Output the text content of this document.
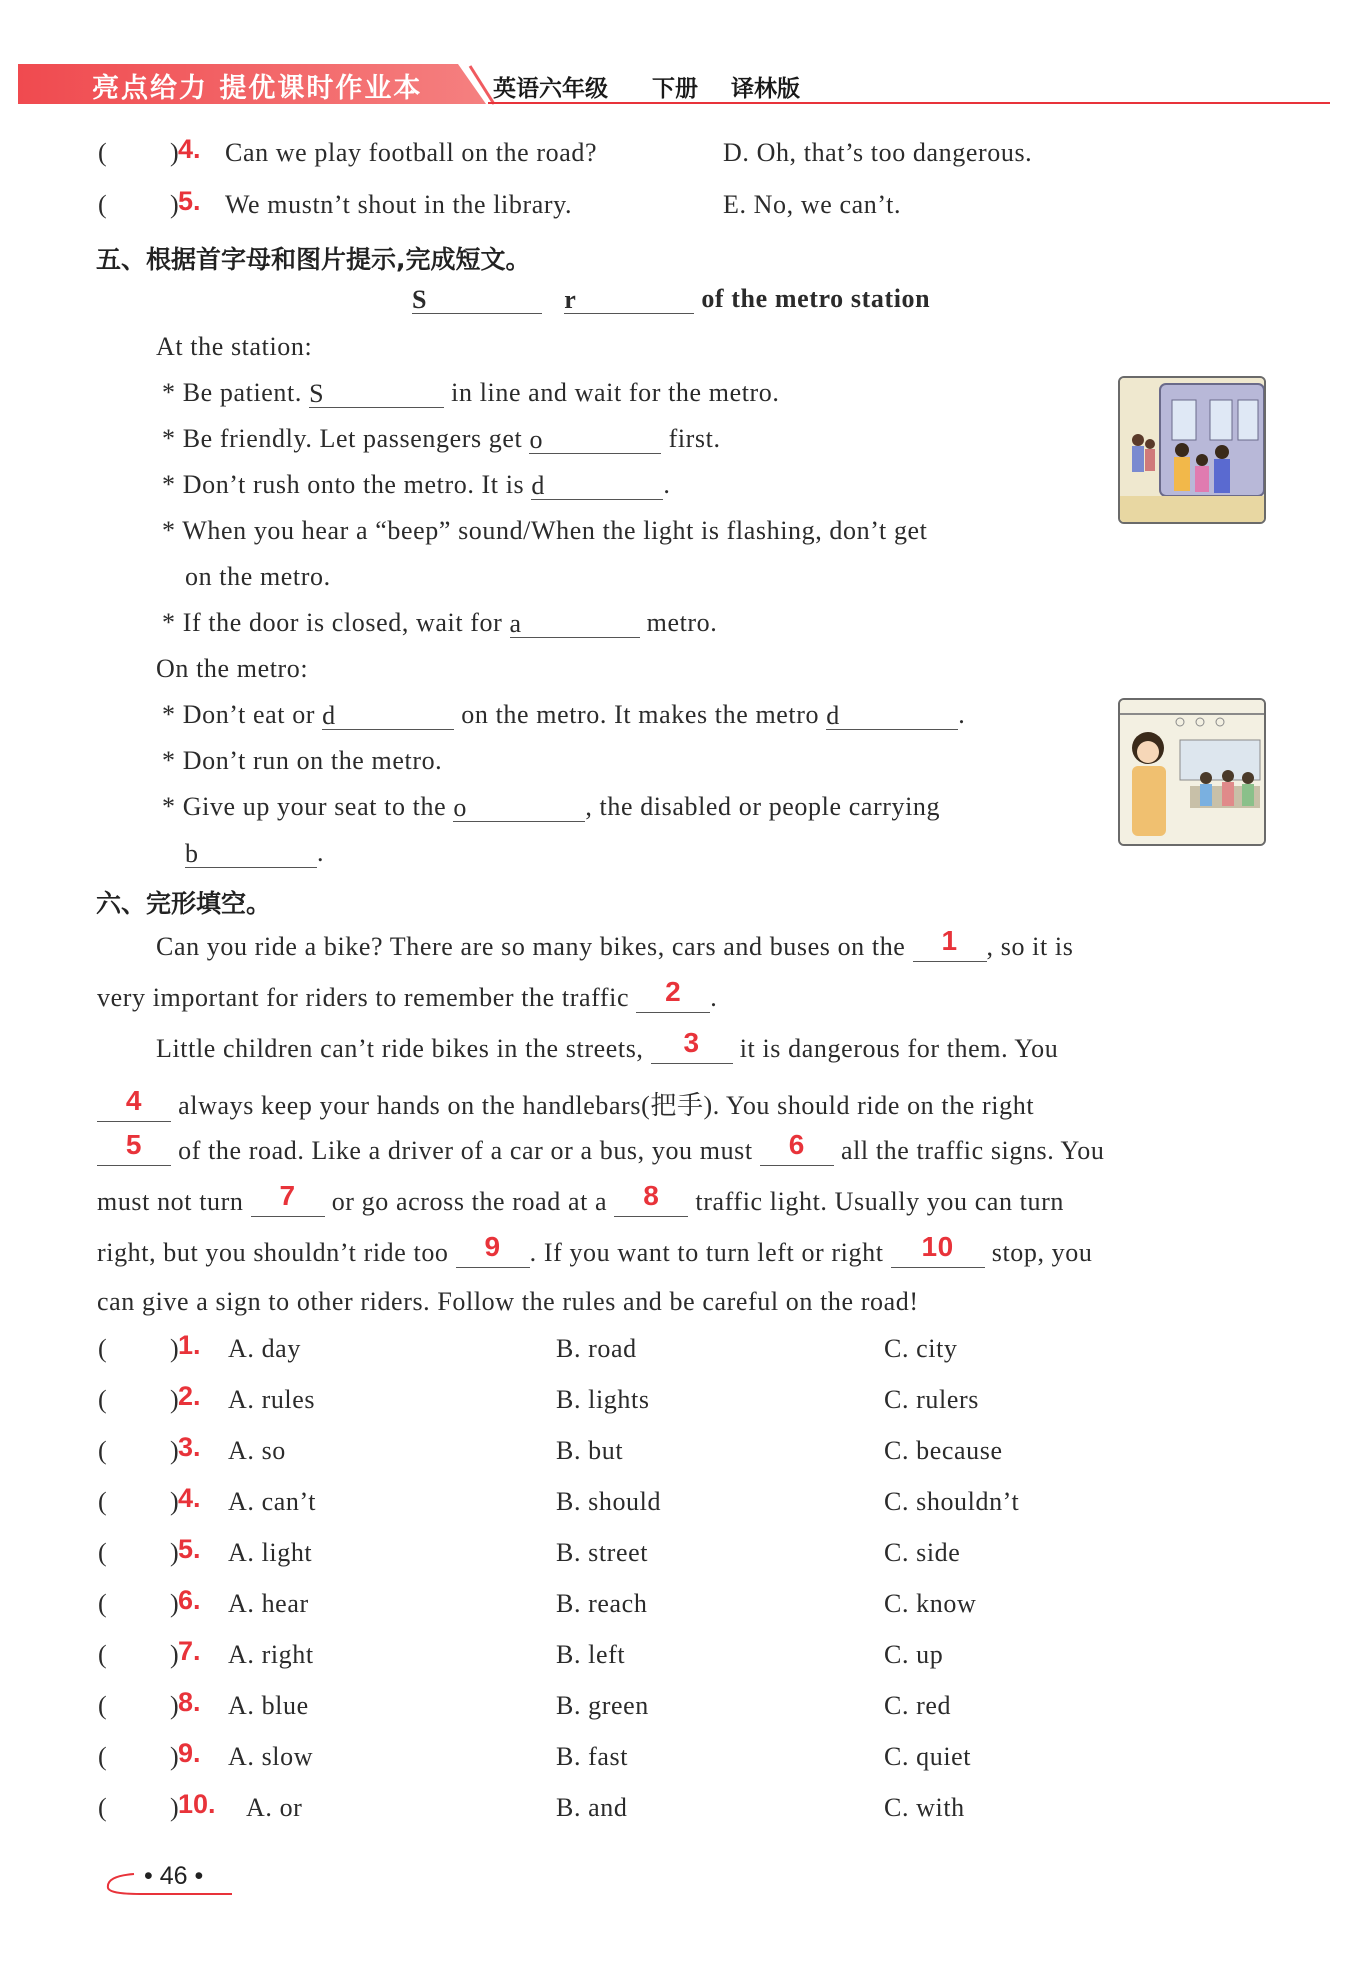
亮点给力 提优课时作业本	英语六年级 下册 译林版
( )
4. Can we play football on the road?	D. Oh, that’s too dangerous.
( )
5. We mustn’t shout in the library.	E. No, we can’t.
五、根据首字母和图片提示,完成短文。
S	r	of the metro station
At the station:
* Be patient. S	in line and wait for the metro.
* Be friendly. Let passengers get o	first.
* Don’t rush onto the metro. It is d	.
* When you hear a “beep” sound/When the light is flashing, don’t get
on the metro.
* If the door is closed, wait for a	metro.
On the metro:
* Don’t eat or d	on the metro. It makes the metro d	.
* Don’t run on the metro.
* Give up your seat to the o	, the disabled or people carrying
b	.
六、完形填空。
Can you ride a bike? There are so many bikes, cars and buses on the 1 , so it is
very important for riders to remember the traffic 2 .
Little children can’t ride bikes in the streets, 3 it is dangerous for them. You
4 always keep your hands on the handlebars(把手). You should ride on the right
5 of the road. Like a driver of a car or a bus, you must 6 all the traffic signs. You
must not turn 7 or go across the road at a 8 traffic light. Usually you can turn
right, but you shouldn’t ride too 9 . If you want to turn left or right 10 stop, you
can give a sign to other riders. Follow the rules and be careful on the road!
( )
1. A. day	B. road	C. city
( )
2. A. rules	B. lights	C. rulers
( )
3. A. so	B. but	C. because
( )
4. A. can’t	B. should	C. shouldn’t
( )
5. A. light	B. street	C. side
( )
6. A. hear	B. reach	C. know
( )
7. A. right	B. left	C. up
( )
8. A. blue	B. green	C. red
( )
9. A. slow	B. fast	C. quiet
( )
10. A. or	B. and	C. with
• 46 •
